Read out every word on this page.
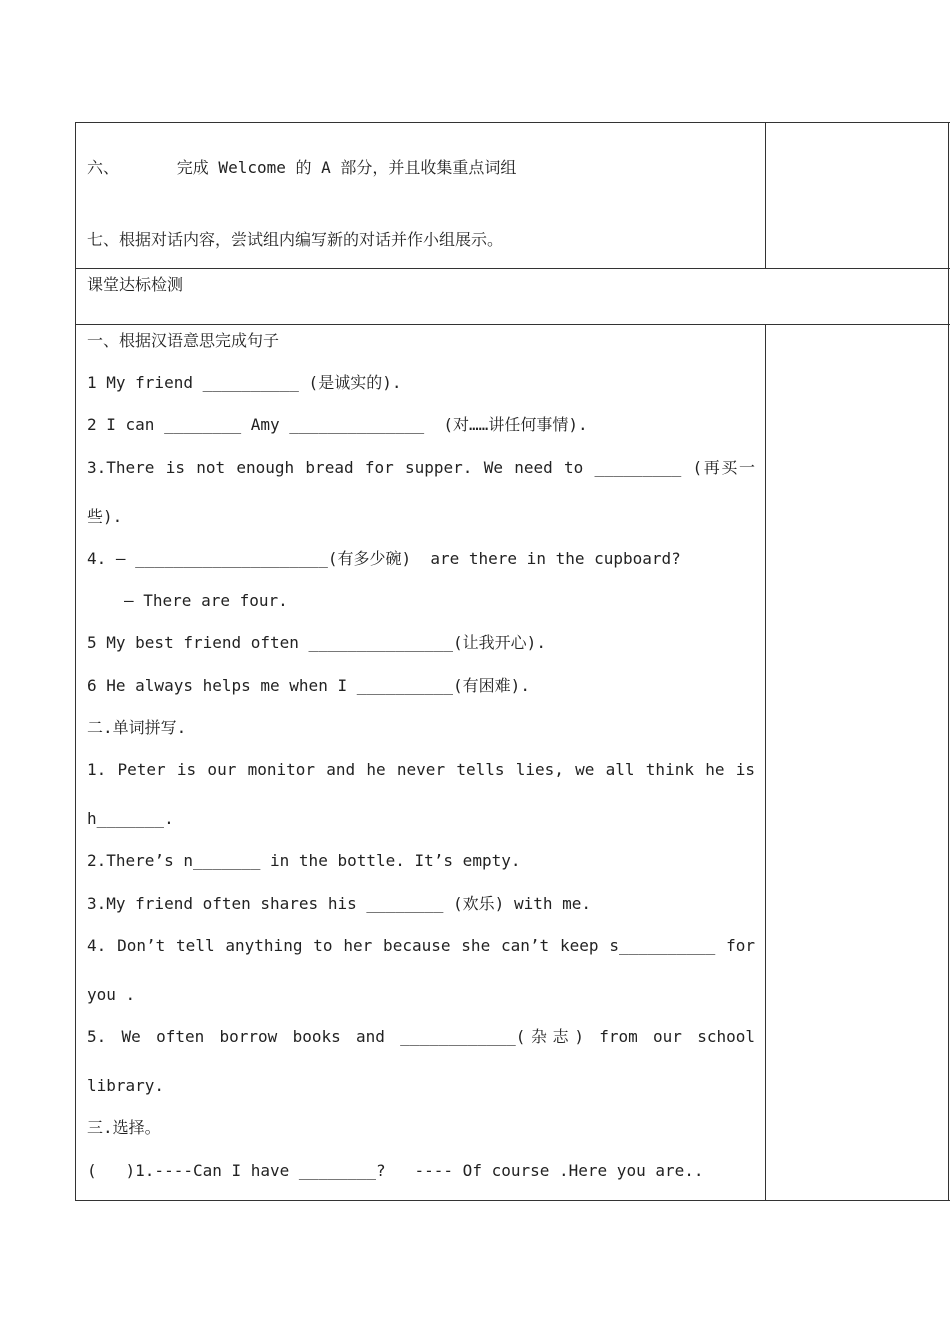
六、      完成 Welcome 的 A 部分，并且收集重点词组
七、根据对话内容，尝试组内编写新的对话并作小组展示。
课堂达标检测
一、根据汉语意思完成句子
1 My friend __________ (是诚实的).
2 I can ________ Amy ______________  (对……讲任何事情).
3.There is not enough bread for supper. We need to _________ (再买一
些).
4. — ____________________(有多少碗)  are there in the cupboard?
— There are four.
5 My best friend often _______________(让我开心).
6 He always helps me when I __________(有困难).
二.单词拼写.
1. Peter is our monitor and he never tells lies, we all think he is
h_______.
2.There’s n_______ in the bottle. It’s empty.
3.My friend often shares his ________ (欢乐) with me.
4. Don’t tell anything to her because she can’t keep s__________ for
you .
5. We often borrow books and ____________(杂志) from our school
library.
三.选择。
(   )1.----Can I have ________?   ---- Of course .Here you are..
